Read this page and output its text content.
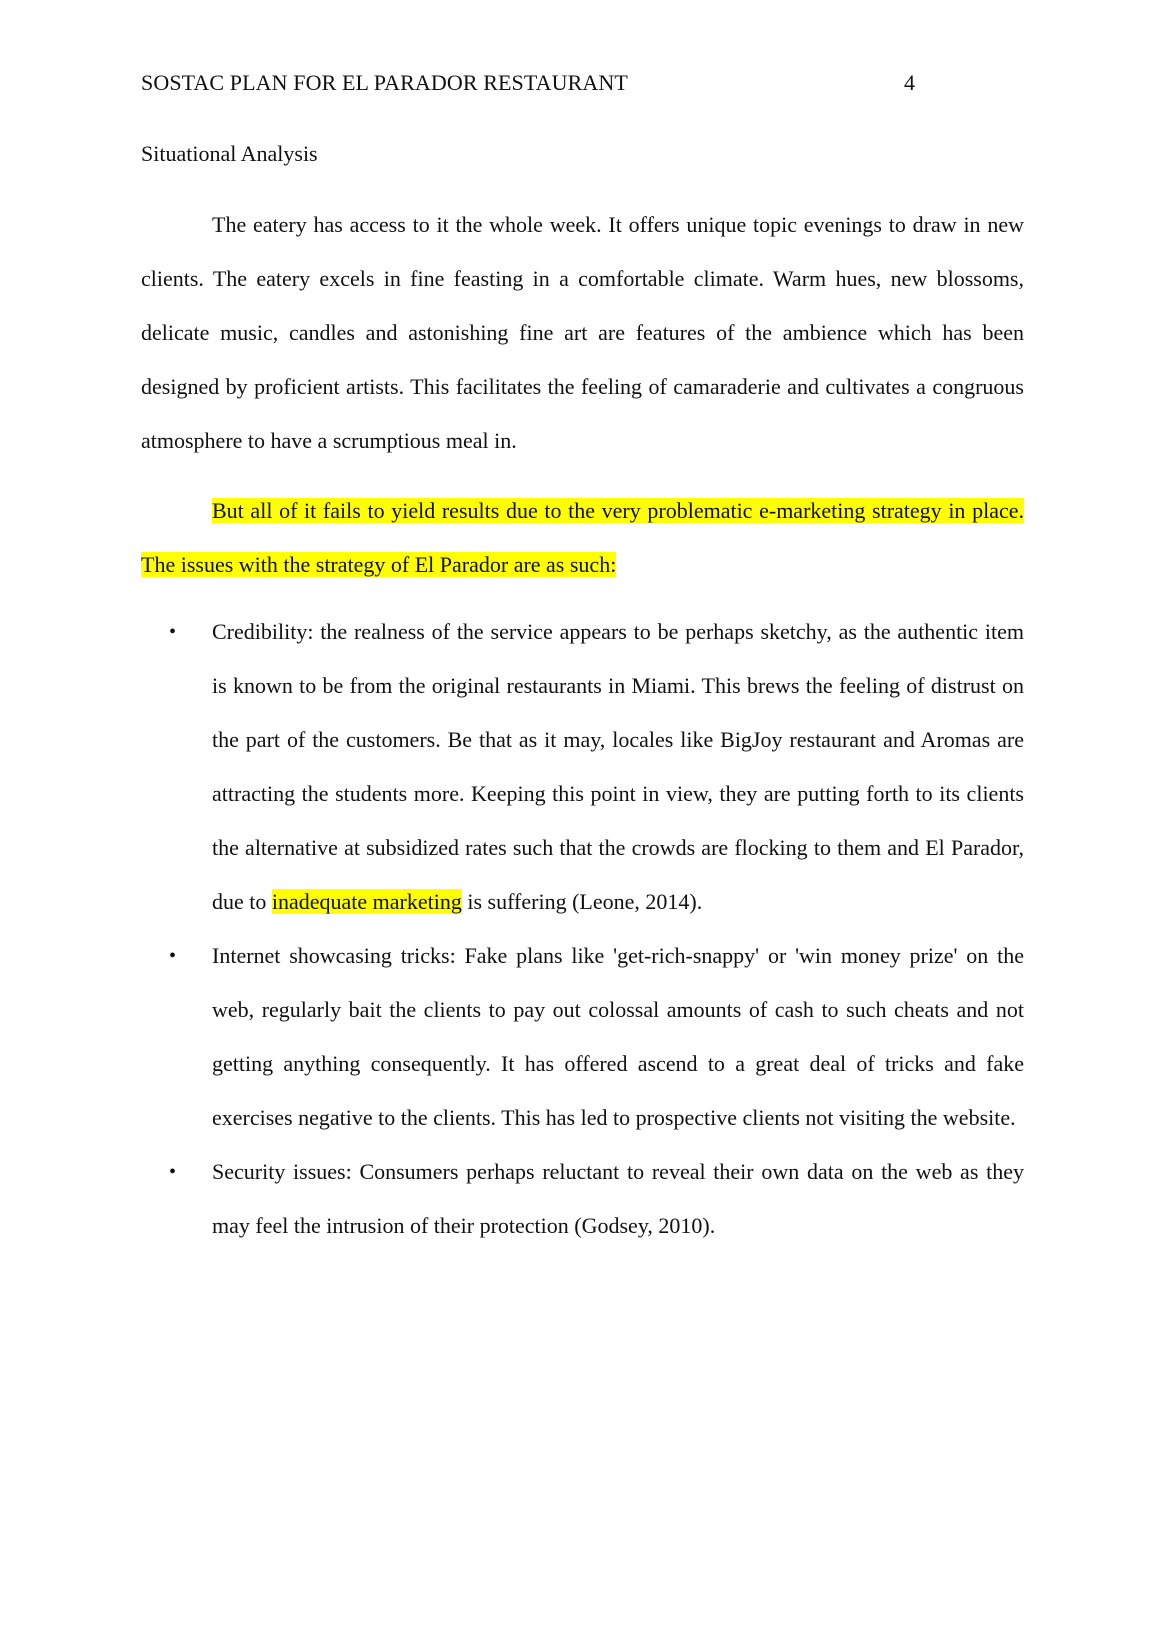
SOSTAC PLAN FOR EL PARADOR RESTAURANT	4
Situational Analysis

The eatery has access to it the whole week. It offers unique topic evenings to draw in new clients. The eatery excels in fine feasting in a comfortable climate. Warm hues, new blossoms, delicate music, candles and astonishing fine art are features of the ambience which has been designed by proficient artists. This facilitates the feeling of camaraderie and cultivates a congruous atmosphere to have a scrumptious meal in.

But all of it fails to yield results due to the very problematic e-marketing strategy in place. The issues with the strategy of El Parador are as such:

•	Credibility: the realness of the service appears to be perhaps sketchy, as the authentic item is known to be from the original restaurants in Miami. This brews the feeling of distrust on the part of the customers. Be that as it may, locales like BigJoy restaurant and Aromas are attracting the students more. Keeping this point in view, they are putting forth to its clients the alternative at subsidized rates such that the crowds are flocking to them and El Parador, due to inadequate marketing is suffering (Leone, 2014).
•	Internet showcasing tricks: Fake plans like 'get-rich-snappy' or 'win money prize' on the web, regularly bait the clients to pay out colossal amounts of cash to such cheats and not getting anything consequently. It has offered ascend to a great deal of tricks and fake exercises negative to the clients. This has led to prospective clients not visiting the website.
•	Security issues: Consumers perhaps reluctant to reveal their own data on the web as they may feel the intrusion of their protection (Godsey, 2010).
